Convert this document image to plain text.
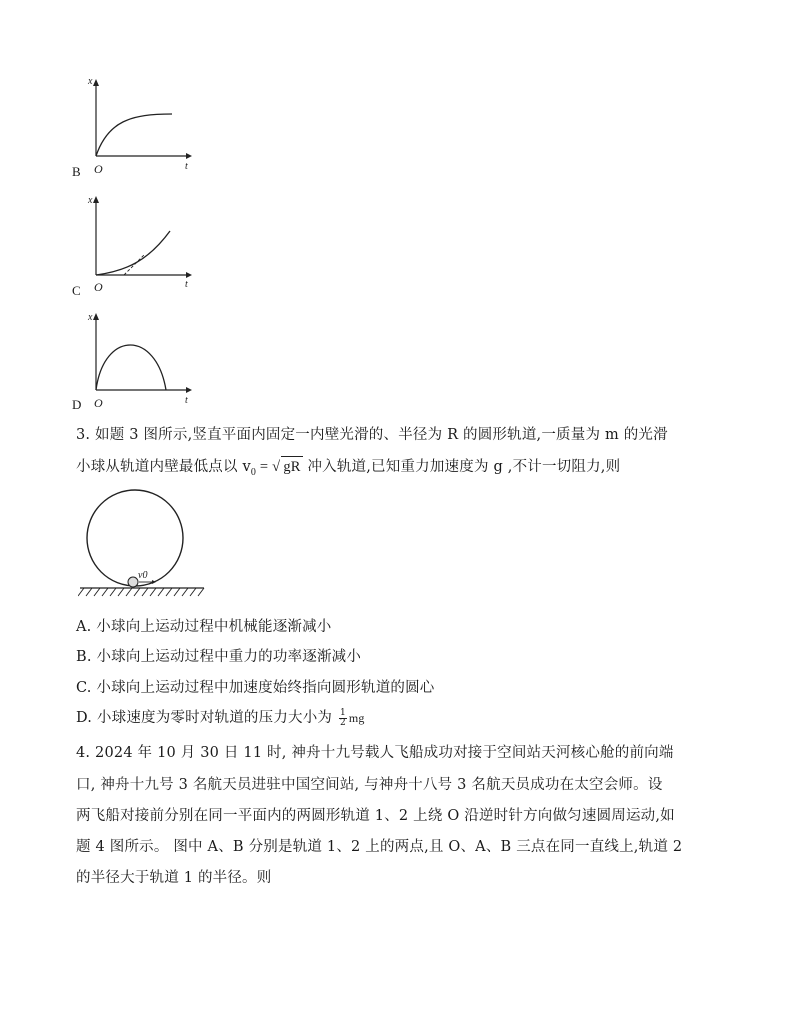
B
x
t
O
C
x
t
O
D
x
t
O
3. 如题 3 图所示,竖直平面内固定一内壁光滑的、半径为 R 的圆形轨道,一质量为 m 的光滑
小球从轨道内壁最低点以 $v_0$ = √ gR 冲入轨道,已知重力加速度为 g ,不计一切阻力,则
v0
A. 小球向上运动过程中机械能逐渐减小
B. 小球向上运动过程中重力的功率逐渐减小
C. 小球向上运动过程中加速度始终指向圆形轨道的圆心
D. 小球速度为零时对轨道的压力大小为 $\frac{1}{2}$ mg
4. 2024 年 10 月 30 日 11 时, 神舟十九号载人飞船成功对接于空间站天河核心舱的前向端
口, 神舟十九号 3 名航天员进驻中国空间站, 与神舟十八号 3 名航天员成功在太空会师。设
两飞船对接前分别在同一平面内的两圆形轨道 1、2 上绕 O 沿逆时针方向做匀速圆周运动,如
题 4 图所示。 图中 A、B 分别是轨道 1、2 上的两点,且 O、A、B 三点在同一直线上,轨道 2
的半径大于轨道 1 的半径。则
